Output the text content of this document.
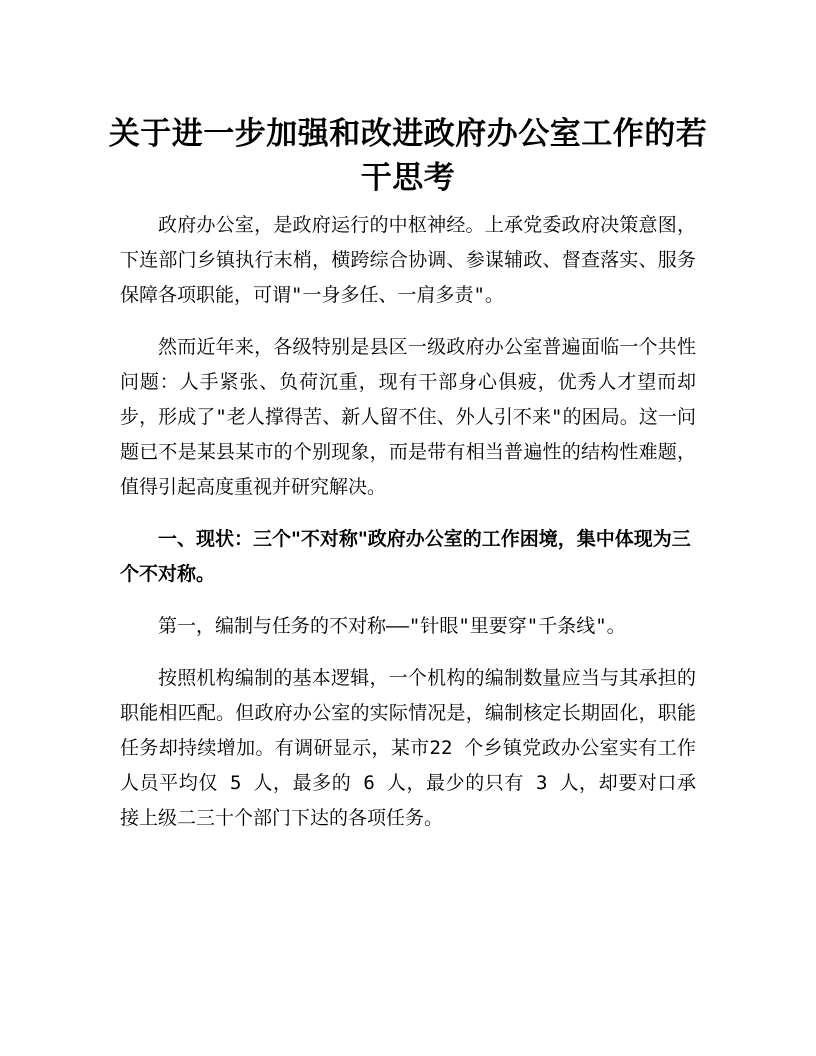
关于进一步加强和改进政府办公室工作的若干思考

政府办公室，是政府运行的中枢神经。上承党委政府决策意图，下连部门乡镇执行末梢，横跨综合协调、参谋辅政、督查落实、服务保障各项职能，可谓"一身多任、一肩多责"。

然而近年来，各级特别是县区一级政府办公室普遍面临一个共性问题：人手紧张、负荷沉重，现有干部身心俱疲，优秀人才望而却步，形成了"老人撑得苦、新人留不住、外人引不来"的困局。这一问题已不是某县某市的个别现象，而是带有相当普遍性的结构性难题，值得引起高度重视并研究解决。

一、现状：三个"不对称"政府办公室的工作困境，集中体现为三个不对称。

第一，编制与任务的不对称——"针眼"里要穿"千条线"。

按照机构编制的基本逻辑，一个机构的编制数量应当与其承担的职能相匹配。但政府办公室的实际情况是，编制核定长期固化，职能任务却持续增加。有调研显示，某市22 个乡镇党政办公室实有工作人员平均仅 5 人，最多的 6 人，最少的只有 3 人，却要对口承接上级二三十个部门下达的各项任务。
